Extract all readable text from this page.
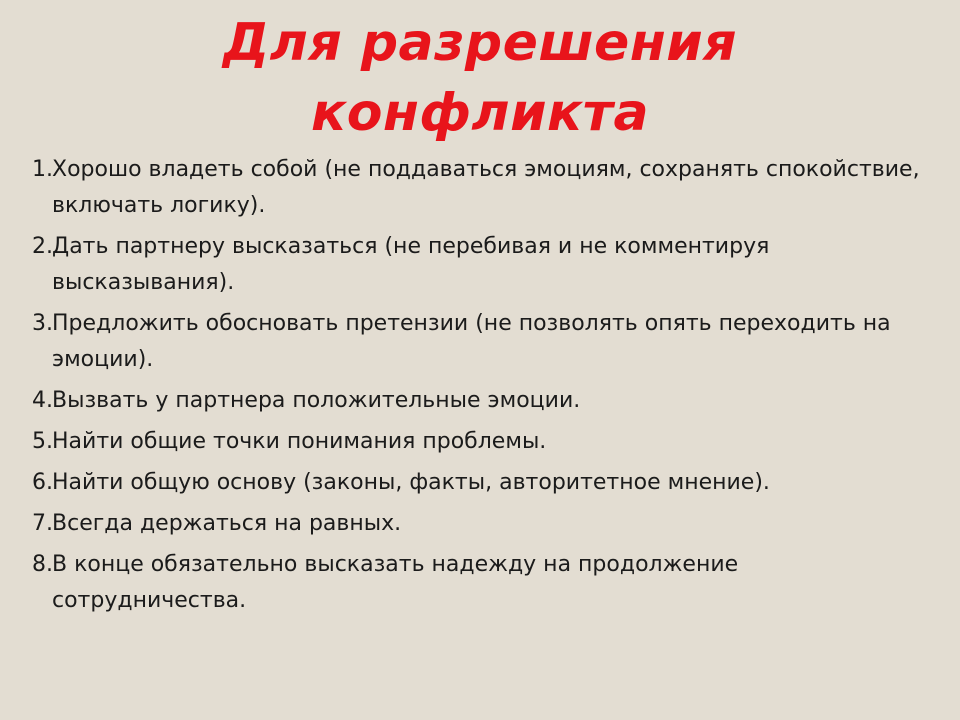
Для разрешения
конфликта
1. Хорошо владеть собой (не поддаваться эмоциям, сохранять спокойствие, включать логику).
2. Дать партнеру высказаться (не перебивая и не комментируя высказывания).
3. Предложить обосновать претензии (не позволять опять переходить на эмоции).
4. Вызвать у партнера положительные эмоции.
5. Найти общие точки понимания проблемы.
6. Найти общую основу (законы, факты, авторитетное мнение).
7. Всегда держаться на равных.
8. В конце обязательно высказать надежду на продолжение сотрудничества.
